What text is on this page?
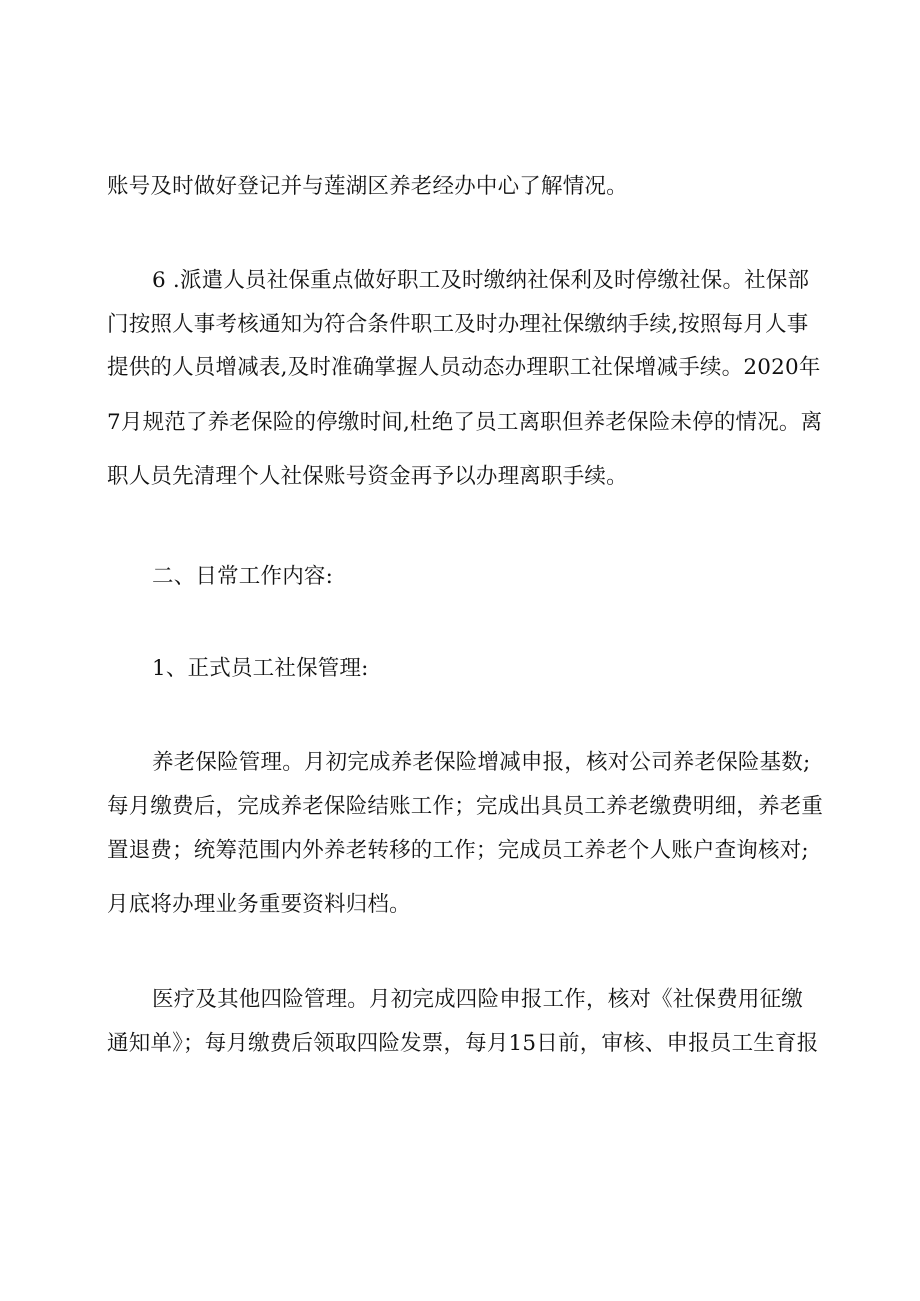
账号及时做好登记并与莲湖区养老经办中心了解情况。
6 .派遣人员社保重点做好职工及时缴纳社保利及时停缴社保。社保部
门按照人事考核通知为符合条件职工及时办理社保缴纳手续,按照每月人事
提供的人员增减表,及时准确掌握人员动态办理职工社保增减手续。2020年
7月规范了养老保险的停缴时间,杜绝了员工离职但养老保险未停的情况。离
职人员先清理个人社保账号资金再予以办理离职手续。
二、日常工作内容:
1、正式员工社保管理:
养老保险管理。月初完成养老保险增减申报，核对公司养老保险基数;
每月缴费后，完成养老保险结账工作；完成出具员工养老缴费明细，养老重
置退费；统筹范围内外养老转移的工作；完成员工养老个人账户查询核对;
月底将办理业务重要资料归档。
医疗及其他四险管理。月初完成四险申报工作，核对《社保费用征缴
通知单》；每月缴费后领取四险发票，每月15日前，审核、申报员工生育报
